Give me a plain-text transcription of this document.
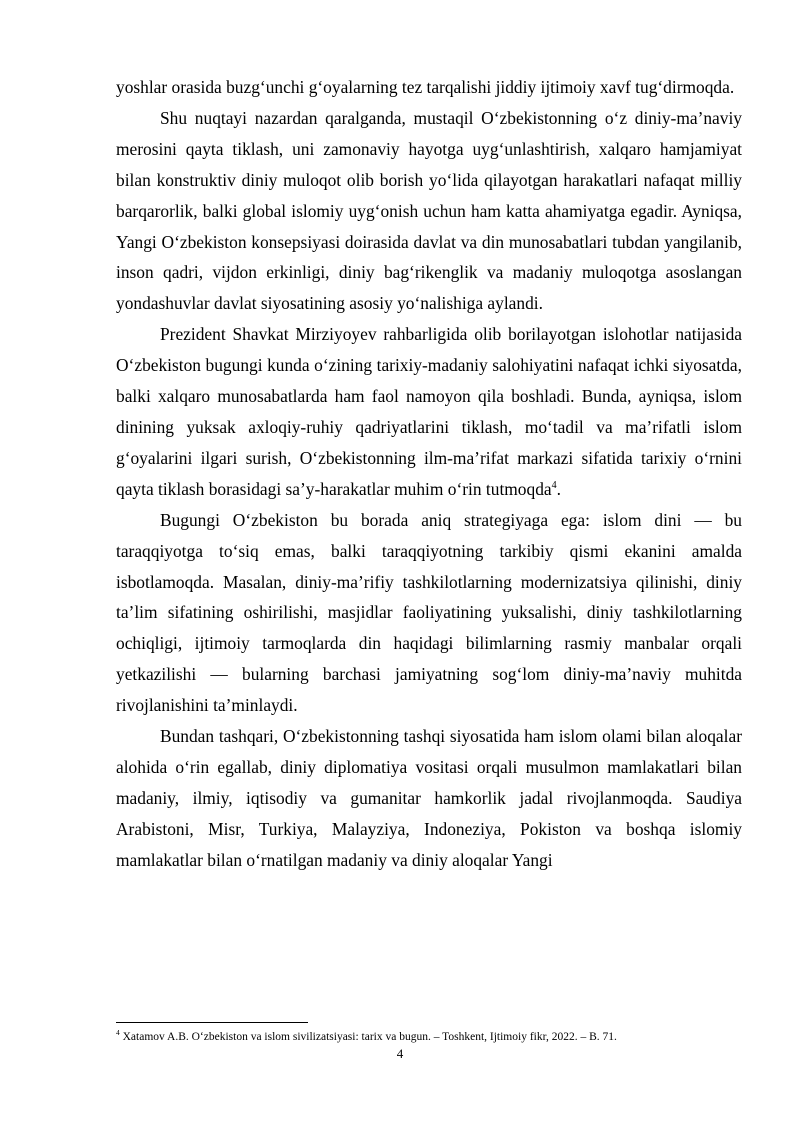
yoshlar orasida buzg‘unchi g‘oyalarning tez tarqalishi jiddiy ijtimoiy xavf tug‘dirmoqda.

Shu nuqtayi nazardan qaralganda, mustaqil O‘zbekistonning o‘z diniy-ma’naviy merosini qayta tiklash, uni zamonaviy hayotga uyg‘unlashtirish, xalqaro hamjamiyat bilan konstruktiv diniy muloqot olib borish yo‘lida qilayotgan harakatlari nafaqat milliy barqarorlik, balki global islomiy uyg‘onish uchun ham katta ahamiyatga egadir. Ayniqsa, Yangi O‘zbekiston konsepsiyasi doirasida davlat va din munosabatlari tubdan yangilanib, inson qadri, vijdon erkinligi, diniy bag‘rikenglik va madaniy muloqotga asoslangan yondashuvlar davlat siyosatining asosiy yo‘nalishiga aylandi.

Prezident Shavkat Mirziyoyev rahbarligida olib borilayotgan islohotlar natijasida O‘zbekiston bugungi kunda o‘zining tarixiy-madaniy salohiyatini nafaqat ichki siyosatda, balki xalqaro munosabatlarda ham faol namoyon qila boshladi. Bunda, ayniqsa, islom dinining yuksak axloqiy-ruhiy qadriyatlarini tiklash, mo‘tadil va ma’rifatli islom g‘oyalarini ilgari surish, O‘zbekistonning ilm-ma’rifat markazi sifatida tarixiy o‘rnini qayta tiklash borasidagi sa’y-harakatlar muhim o‘rin tutmoqda$^4$.

Bugungi O‘zbekiston bu borada aniq strategiyaga ega: islom dini — bu taraqqiyotga to‘siq emas, balki taraqqiyotning tarkibiy qismi ekanini amalda isbotlamoqda. Masalan, diniy-ma’rifiy tashkilotlarning modernizatsiya qilinishi, diniy ta’lim sifatining oshirilishi, masjidlar faoliyatining yuksalishi, diniy tashkilotlarning ochiqligi, ijtimoiy tarmoqlarda din haqidagi bilimlarning rasmiy manbalar orqali yetkazilishi — bularning barchasi jamiyatning sog‘lom diniy-ma’naviy muhitda rivojlanishini ta’minlaydi.

Bundan tashqari, O‘zbekistonning tashqi siyosatida ham islom olami bilan aloqalar alohida o‘rin egallab, diniy diplomatiya vositasi orqali musulmon mamlakatlari bilan madaniy, ilmiy, iqtisodiy va gumanitar hamkorlik jadal rivojlanmoqda. Saudiya Arabistoni, Misr, Turkiya, Malayziya, Indoneziya, Pokiston va boshqa islomiy mamlakatlar bilan o‘rnatilgan madaniy va diniy aloqalar Yangi

$^4$ Xatamov A.B. O‘zbekiston va islom sivilizatsiyasi: tarix va bugun. – Toshkent, Ijtimoiy fikr, 2022. – B. 71.

4
